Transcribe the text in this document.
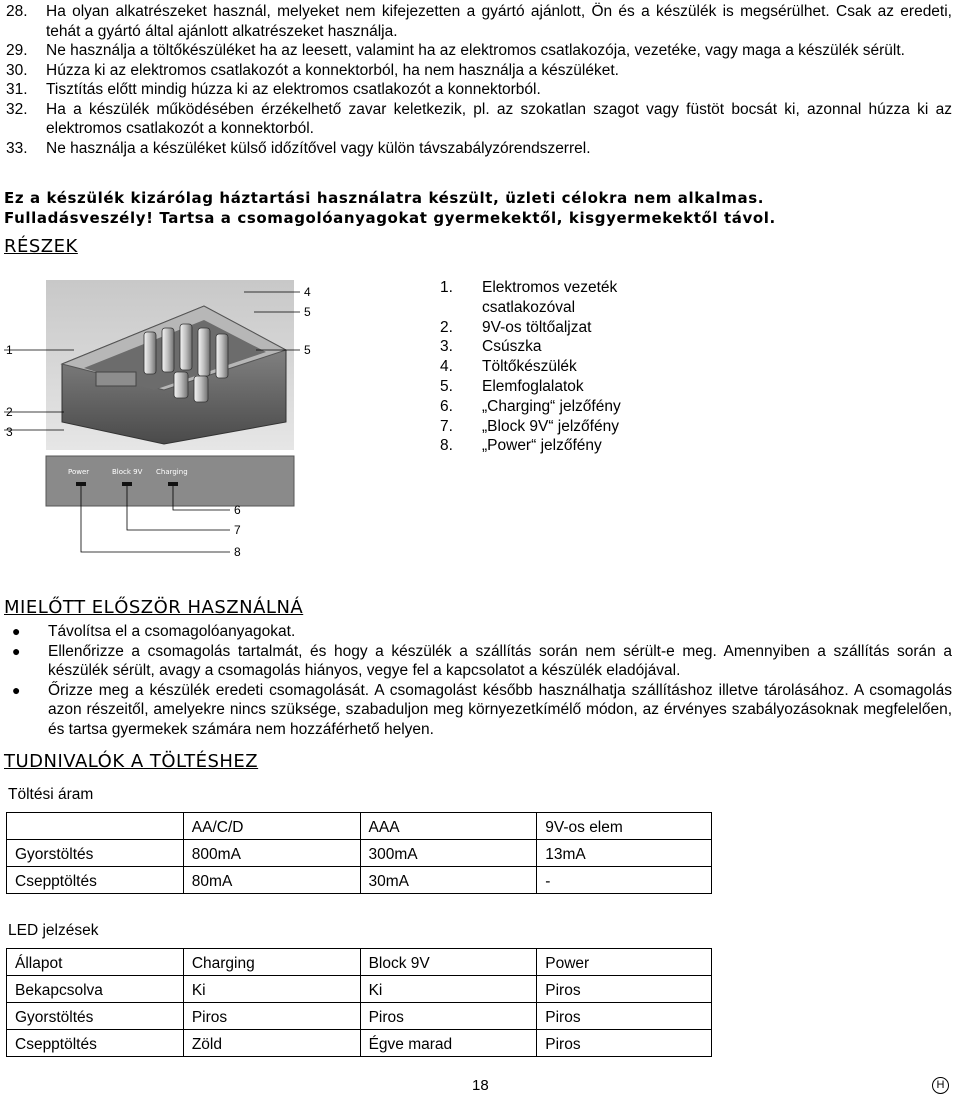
28.	Ha olyan alkatrészeket használ, melyeket nem kifejezetten a gyártó ajánlott, Ön és a készülék is megsérülhet. Csak az eredeti, tehát a gyártó által ajánlott alkatrészeket használja.
29.	Ne használja a töltőkészüléket ha az leesett, valamint ha az elektromos csatlakozója, vezetéke, vagy maga a készülék sérült.
30.	Húzza ki az elektromos csatlakozót a konnektorból, ha nem használja a készüléket.
31.	Tisztítás előtt mindig húzza ki az elektromos csatlakozót a konnektorból.
32.	Ha a készülék működésében érzékelhető zavar keletkezik, pl. az szokatlan szagot vagy füstöt bocsát ki, azonnal húzza ki az elektromos csatlakozót a konnektorból.
33.	Ne használja a készüléket külső időzítővel vagy külön távszabályzórendszerrel.
Ez a készülék kizárólag háztartási használatra készült, üzleti célokra nem alkalmas.
Fulladásveszély! Tartsa a csomagolóanyagokat gyermekektől, kisgyermekektől távol.
RÉSZEK
Power	Block 9V Charging
4
5
1	5
2
3
6
7
8
1.	Elektromos vezeték csatlakozóval
2.	9V-os töltőaljzat
3.	Csúszka
4.	Töltőkészülék
5.	Elemfoglalatok
6.	„Charging“ jelzőfény
7.	„Block 9V“ jelzőfény
8.	„Power“ jelzőfény
MIELŐTT ELŐSZÖR HASZNÁLNÁ
●	Távolítsa el a csomagolóanyagokat.
●	Ellenőrizze a csomagolás tartalmát, és hogy a készülék a szállítás során nem sérült-e meg. Amennyiben a szállítás során a készülék sérült, avagy a csomagolás hiányos, vegye fel a kapcsolatot a készülék eladójával.
●	Őrizze meg a készülék eredeti csomagolását. A csomagolást később használhatja szállításhoz illetve tárolásához. A csomagolás azon részeitől, amelyekre nincs szüksége, szabaduljon meg környezetkímélő módon, az érvényes szabályozásoknak megfelelően, és tartsa gyermekek számára nem hozzáférhető helyen.
TUDNIVALÓK A TÖLTÉSHEZ
Töltési áram
	AA/C/D	AAA	9V-os elem
Gyorstöltés	800mA	300mA	13mA
Csepptöltés	80mA	30mA	-
LED jelzések
Állapot	Charging	Block 9V	Power
Bekapcsolva	Ki	Ki	Piros
Gyorstöltés	Piros	Piros	Piros
Csepptöltés	Zöld	Égve marad	Piros
18	H
